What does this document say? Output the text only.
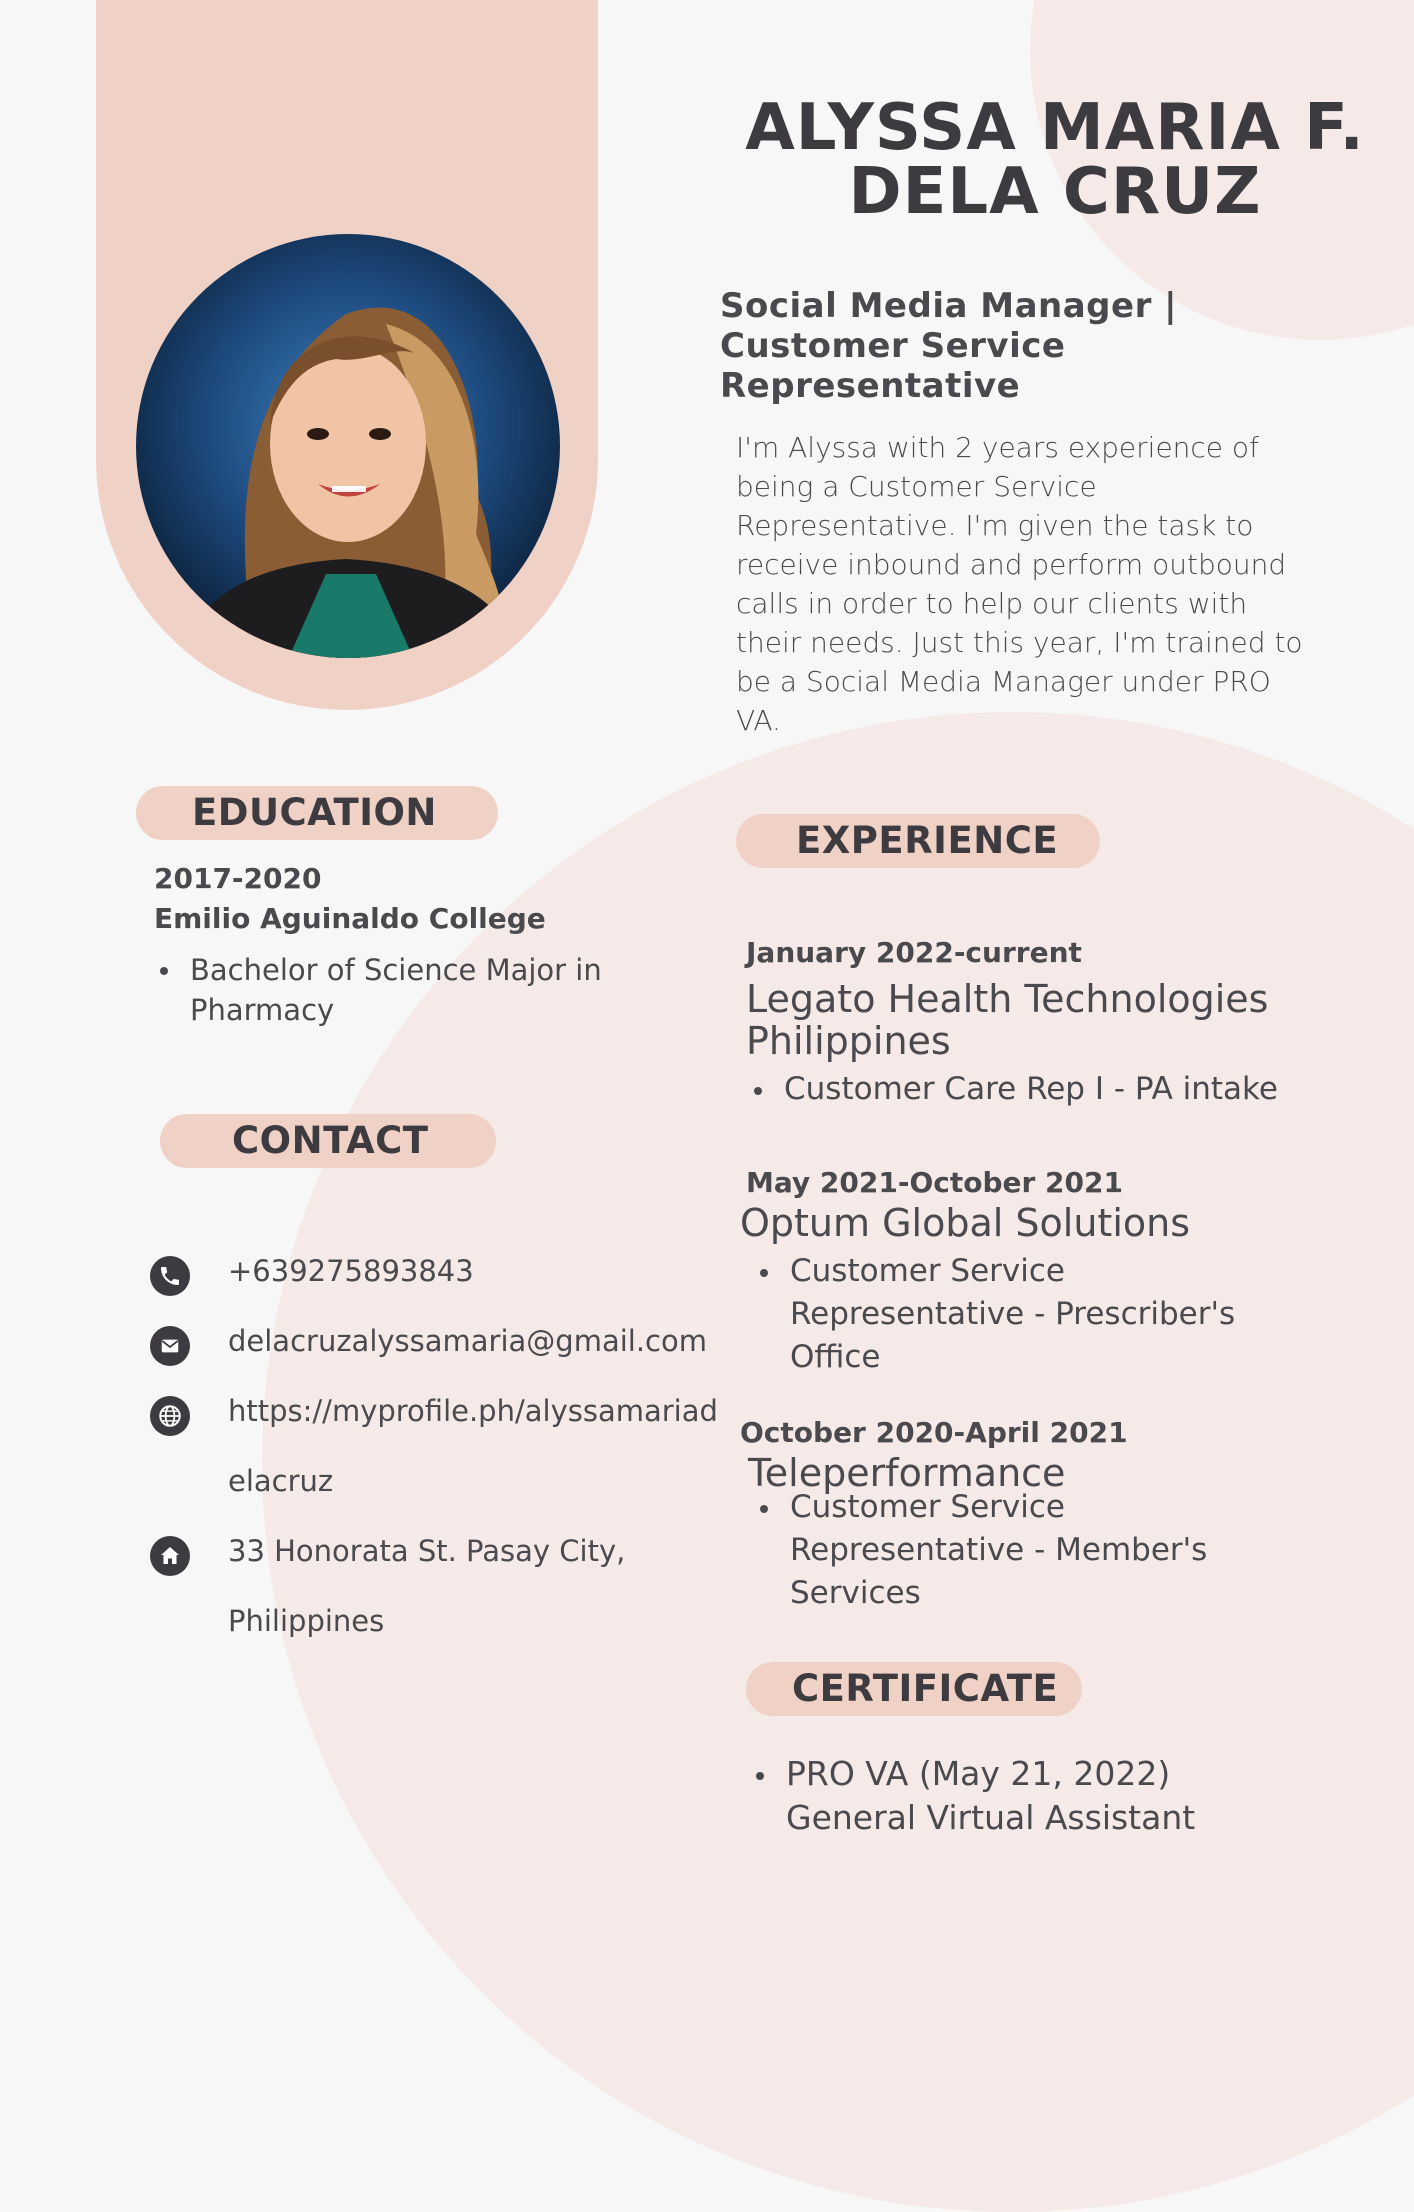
ALYSSA MARIA F.
DELA CRUZ

Social Media Manager | Customer Service Representative

I'm Alyssa with 2 years experience of being a Customer Service Representative. I'm given the task to receive inbound and perform outbound calls in order to help our clients with their needs. Just this year, I'm trained to be a Social Media Manager under PRO VA.

EDUCATION
2017-2020
Emilio Aguinaldo College
Bachelor of Science Major in Pharmacy
CONTACT
+639275893843
delacruzalyssamaria@gmail.com
https://myprofile.ph/alyssamariadelacruz
33 Honorata St. Pasay City, Philippines
EXPERIENCE
January 2022-current
Legato Health Technologies Philippines
Customer Care Rep I - PA intake
May 2021-October 2021
Optum Global Solutions
Customer Service Representative - Prescriber's Office
October 2020-April 2021
Teleperformance
Customer Service Representative - Member's Services
CERTIFICATE
PRO VA (May 21, 2022)
General Virtual Assistant
